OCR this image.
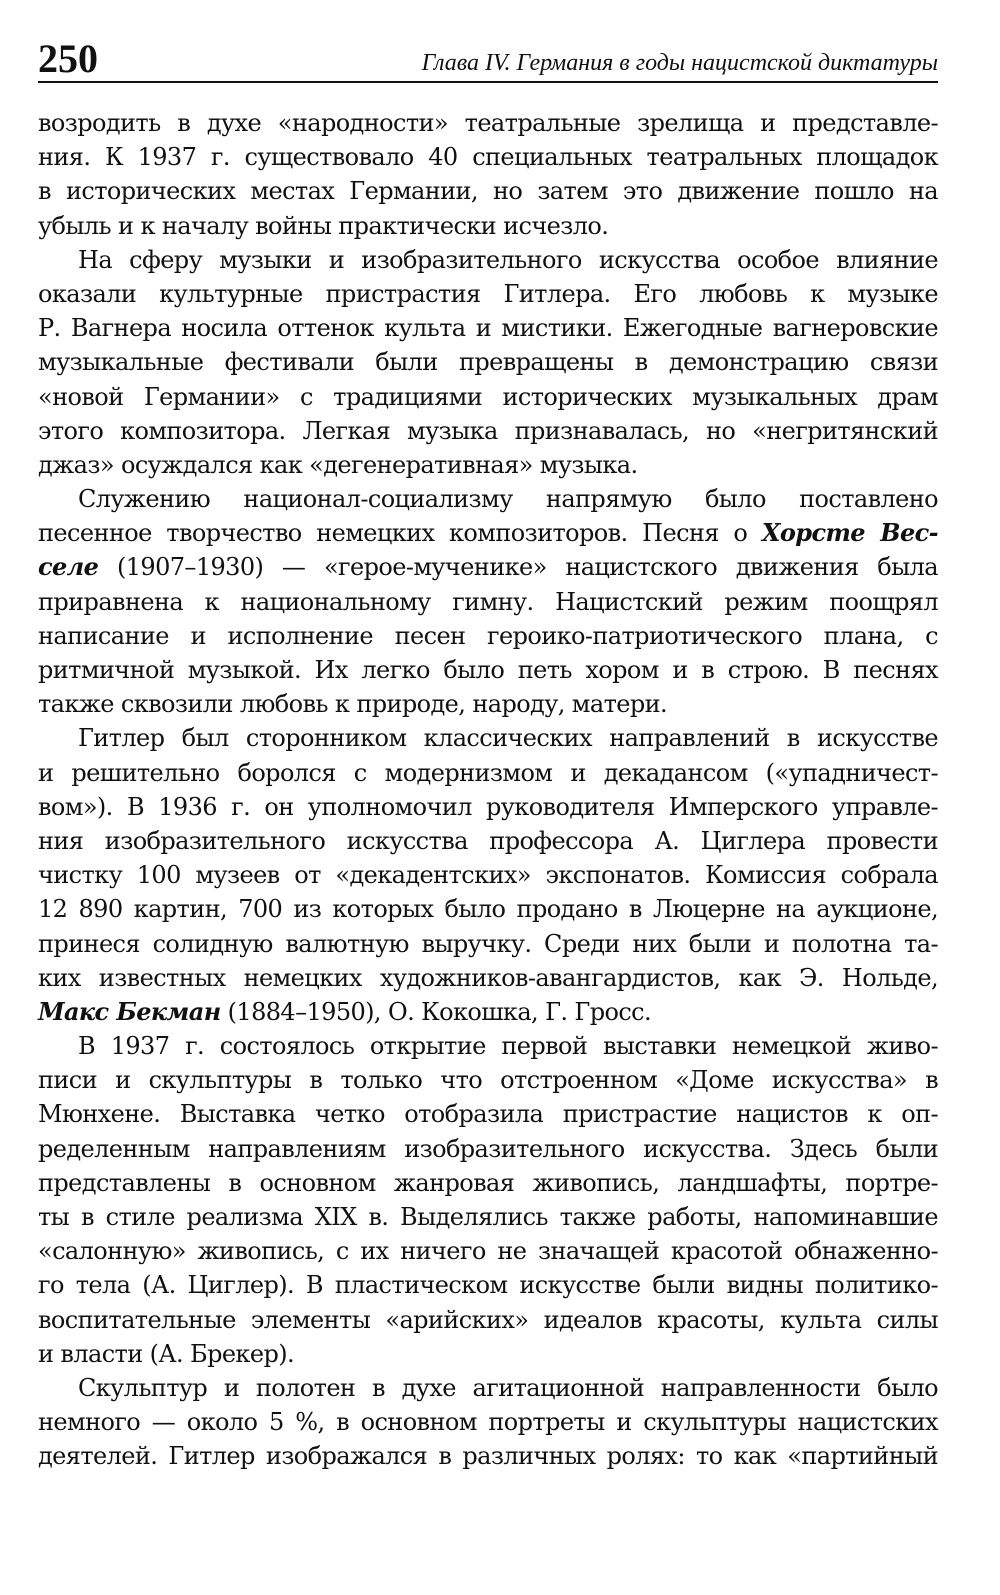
250	Глава IV. Германия в годы нацистской диктатуры
возродить в духе «народности» театральные зрелища и представле-
ния. К 1937 г. существовало 40 специальных театральных площадок
в исторических местах Германии, но затем это движение пошло на
убыль и к началу войны практически исчезло.
На сферу музыки и изобразительного искусства особое влияние
оказали культурные пристрастия Гитлера. Его любовь к музыке
Р. Вагнера носила оттенок культа и мистики. Ежегодные вагнеровские
музыкальные фестивали были превращены в демонстрацию связи
«новой Германии» с традициями исторических музыкальных драм
этого композитора. Легкая музыка признавалась, но «негритянский
джаз» осуждался как «дегенеративная» музыка.
Служению национал-социализму напрямую было поставлено
песенное творчество немецких композиторов. Песня о Хорсте Вес-
селе (1907–1930) — «герое-мученике» нацистского движения была
приравнена к национальному гимну. Нацистский режим поощрял
написание и исполнение песен героико-патриотического плана, с
ритмичной музыкой. Их легко было петь хором и в строю. В песнях
также сквозили любовь к природе, народу, матери.
Гитлер был сторонником классических направлений в искусстве
и решительно боролся с модернизмом и декадансом («упадничест-
вом»). В 1936 г. он уполномочил руководителя Имперского управле-
ния изобразительного искусства профессора А. Циглера провести
чистку 100 музеев от «декадентских» экспонатов. Комиссия собрала
12 890 картин, 700 из которых было продано в Люцерне на аукционе,
принеся солидную валютную выручку. Среди них были и полотна та-
ких известных немецких художников-авангардистов, как Э. Нольде,
Макс Бекман (1884–1950), О. Кокошка, Г. Гросс.
В 1937 г. состоялось открытие первой выставки немецкой живо-
писи и скульптуры в только что отстроенном «Доме искусства» в
Мюнхене. Выставка четко отобразила пристрастие нацистов к оп-
ределенным направлениям изобразительного искусства. Здесь были
представлены в основном жанровая живопись, ландшафты, портре-
ты в стиле реализма XIX в. Выделялись также работы, напоминавшие
«салонную» живопись, с их ничего не значащей красотой обнаженно-
го тела (А. Циглер). В пластическом искусстве были видны политико-
воспитательные элементы «арийских» идеалов красоты, культа силы
и власти (А. Брекер).
Скульптур и полотен в духе агитационной направленности было
немного — около 5 %, в основном портреты и скульптуры нацистских
деятелей. Гитлер изображался в различных ролях: то как «партийный
